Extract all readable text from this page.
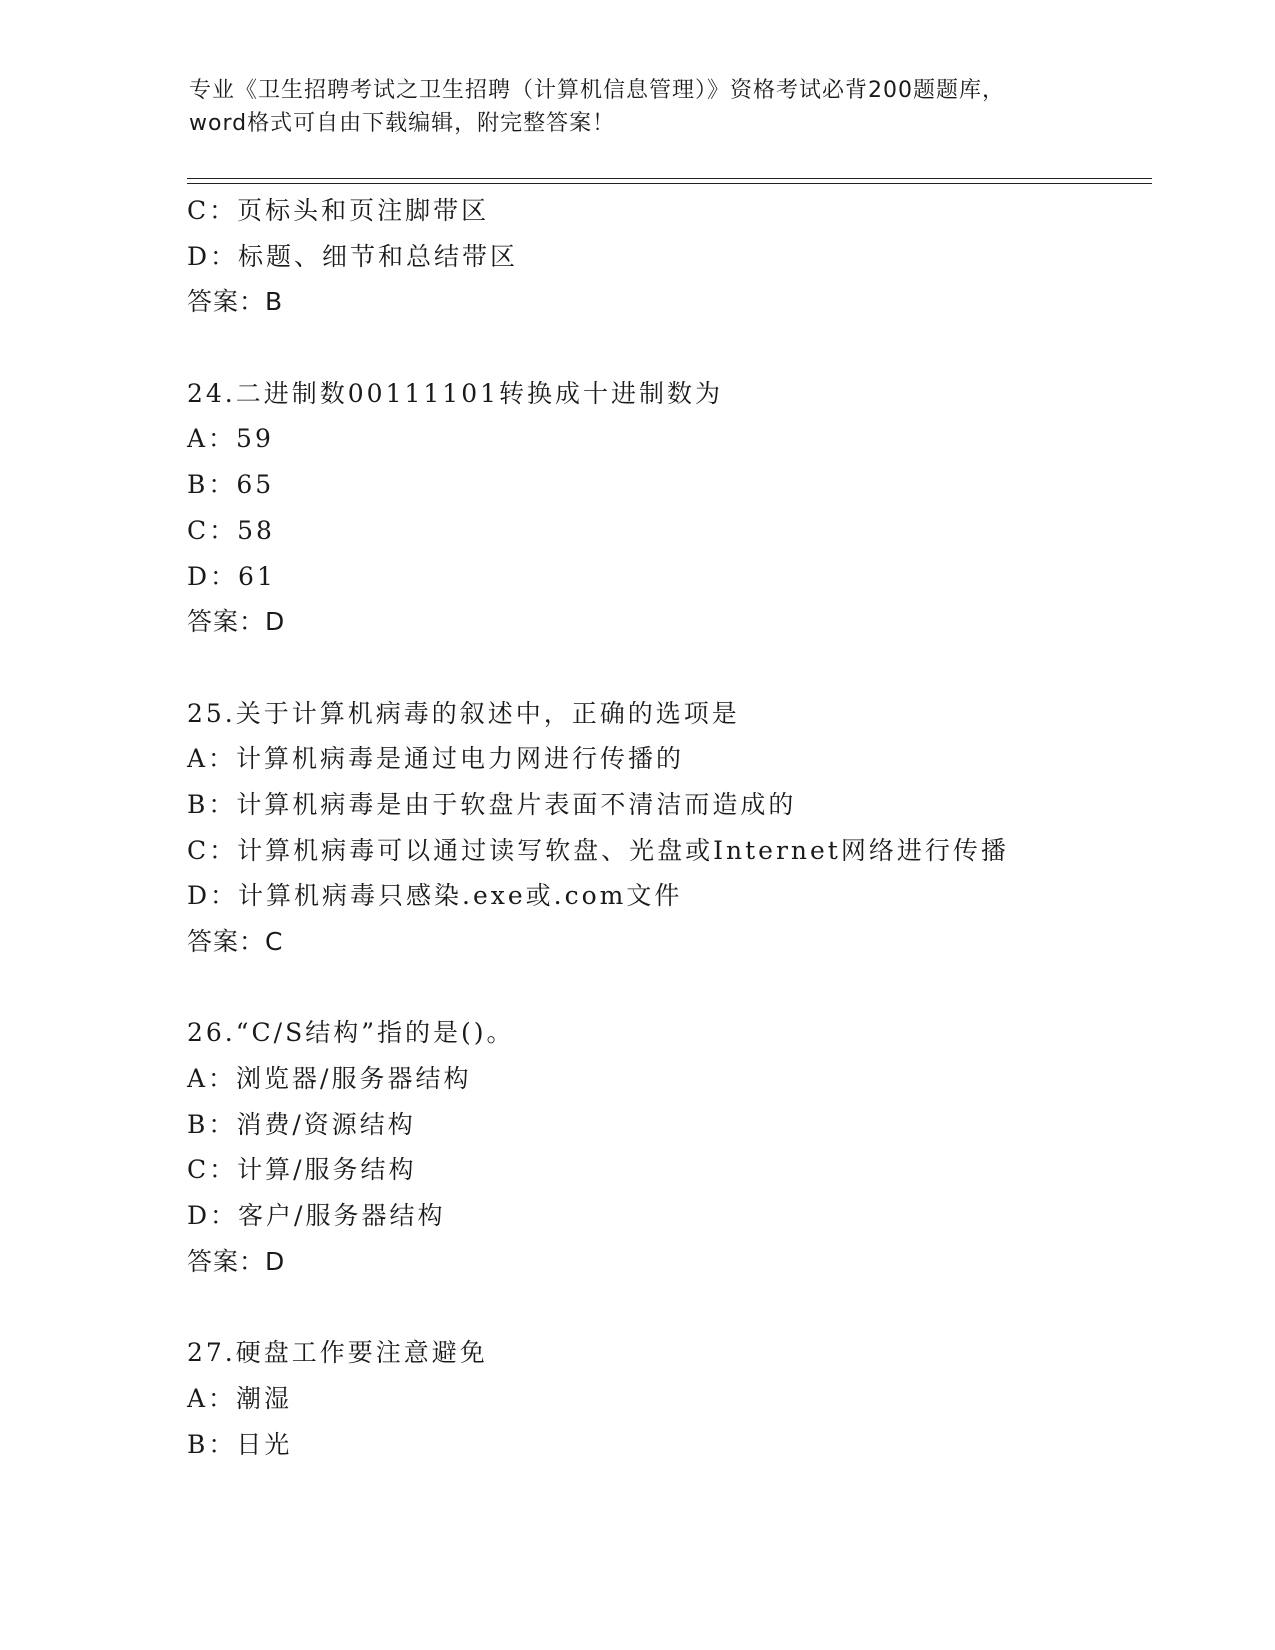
专业《卫生招聘考试之卫生招聘（计算机信息管理）》资格考试必背200题题库，
word格式可自由下载编辑，附完整答案！
C：页标头和页注脚带区
D：标题、细节和总结带区
答案：B
24.二进制数00111101转换成十进制数为
A：59
B：65
C：58
D：61
答案：D
25.关于计算机病毒的叙述中，正确的选项是
A：计算机病毒是通过电力网进行传播的
B：计算机病毒是由于软盘片表面不清洁而造成的
C：计算机病毒可以通过读写软盘、光盘或Internet网络进行传播
D：计算机病毒只感染.exe或.com文件
答案：C
26.“C/S结构”指的是()。
A：浏览器/服务器结构
B：消费/资源结构
C：计算/服务结构
D：客户/服务器结构
答案：D
27.硬盘工作要注意避免
A：潮湿
B：日光
